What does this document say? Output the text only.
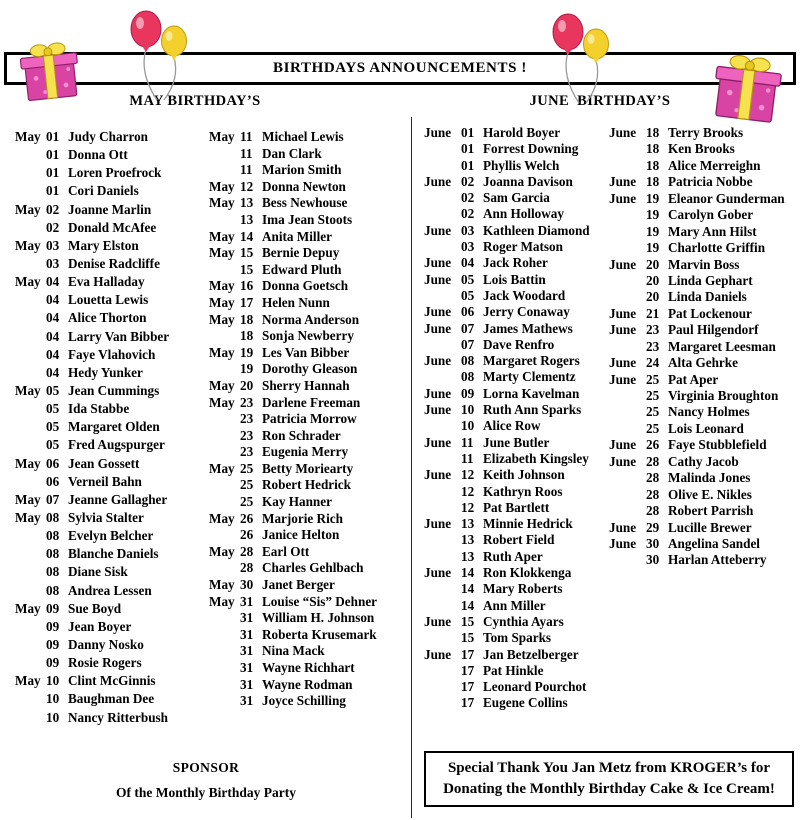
BIRTHDAYS ANNOUNCEMENTS !
MAY BIRTHDAY’S	JUNE  BIRTHDAY’S
May 01 Judy Charron
01 Donna Ott
01 Loren Proefrock
01 Cori Daniels
May 02 Joanne Marlin
02 Donald McAfee
May 03 Mary Elston
03 Denise Radcliffe
May 04 Eva Halladay
04 Louetta Lewis
04 Alice Thorton
04 Larry Van Bibber
04 Faye Vlahovich
04 Hedy Yunker
May 05 Jean Cummings
05 Ida Stabbe
05 Margaret Olden
05 Fred Augspurger
May 06 Jean Gossett
06 Verneil Bahn
May 07 Jeanne Gallagher
May 08 Sylvia Stalter
08 Evelyn Belcher
08 Blanche Daniels
08 Diane Sisk
08 Andrea Lessen
May 09 Sue Boyd
09 Jean Boyer
09 Danny Nosko
09 Rosie Rogers
May 10 Clint McGinnis
10 Baughman Dee
10 Nancy Ritterbush
May 11 Michael Lewis
11 Dan Clark
11 Marion Smith
May 12 Donna Newton
May 13 Bess Newhouse
13 Ima Jean Stoots
May 14 Anita Miller
May 15 Bernie Depuy
15 Edward Pluth
May 16 Donna Goetsch
May 17 Helen Nunn
May 18 Norma Anderson
18 Sonja Newberry
May 19 Les Van Bibber
19 Dorothy Gleason
May 20 Sherry Hannah
May 23 Darlene Freeman
23 Patricia Morrow
23 Ron Schrader
23 Eugenia Merry
May 25 Betty Moriearty
25 Robert Hedrick
25 Kay Hanner
May 26 Marjorie Rich
26 Janice Helton
May 28 Earl Ott
28 Charles Gehlbach
May 30 Janet Berger
May 31 Louise “Sis” Dehner
31 William H. Johnson
31 Roberta Krusemark
31 Nina Mack
31 Wayne Richhart
31 Wayne Rodman
31 Joyce Schilling
June 01 Harold Boyer
01 Forrest Downing
01 Phyllis Welch
June 02 Joanna Davison
02 Sam Garcia
02 Ann Holloway
June 03 Kathleen Diamond
03 Roger Matson
June 04 Jack Roher
June 05 Lois Battin
05 Jack Woodard
June 06 Jerry Conaway
June 07 James Mathews
07 Dave Renfro
June 08 Margaret Rogers
08 Marty Clementz
June 09 Lorna Kavelman
June 10 Ruth Ann Sparks
10 Alice Row
June 11 June Butler
11 Elizabeth Kingsley
June 12 Keith Johnson
12 Kathryn Roos
12 Pat Bartlett
June 13 Minnie Hedrick
13 Robert Field
13 Ruth Aper
June 14 Ron Klokkenga
14 Mary Roberts
14 Ann Miller
June 15 Cynthia Ayars
15 Tom Sparks
June 17 Jan Betzelberger
17 Pat Hinkle
17 Leonard Pourchot
17 Eugene Collins
June 18 Terry Brooks
18 Ken Brooks
18 Alice Merreighn
June 18 Patricia Nobbe
June 19 Eleanor Gunderman
19 Carolyn Gober
19 Mary Ann Hilst
19 Charlotte Griffin
June 20 Marvin Boss
20 Linda Gephart
20 Linda Daniels
June 21 Pat Lockenour
June 23 Paul Hilgendorf
23 Margaret Leesman
June 24 Alta Gehrke
June 25 Pat Aper
25 Virginia Broughton
25 Nancy Holmes
25 Lois Leonard
June 26 Faye Stubblefield
June 28 Cathy Jacob
28 Malinda Jones
28 Olive E. Nikles
28 Robert Parrish
June 29 Lucille Brewer
June 30 Angelina Sandel
30 Harlan Atteberry
SPONSOR
Of the Monthly Birthday Party
Special Thank You Jan Metz from KROGER’s for
Donating the Monthly Birthday Cake & Ice Cream!
